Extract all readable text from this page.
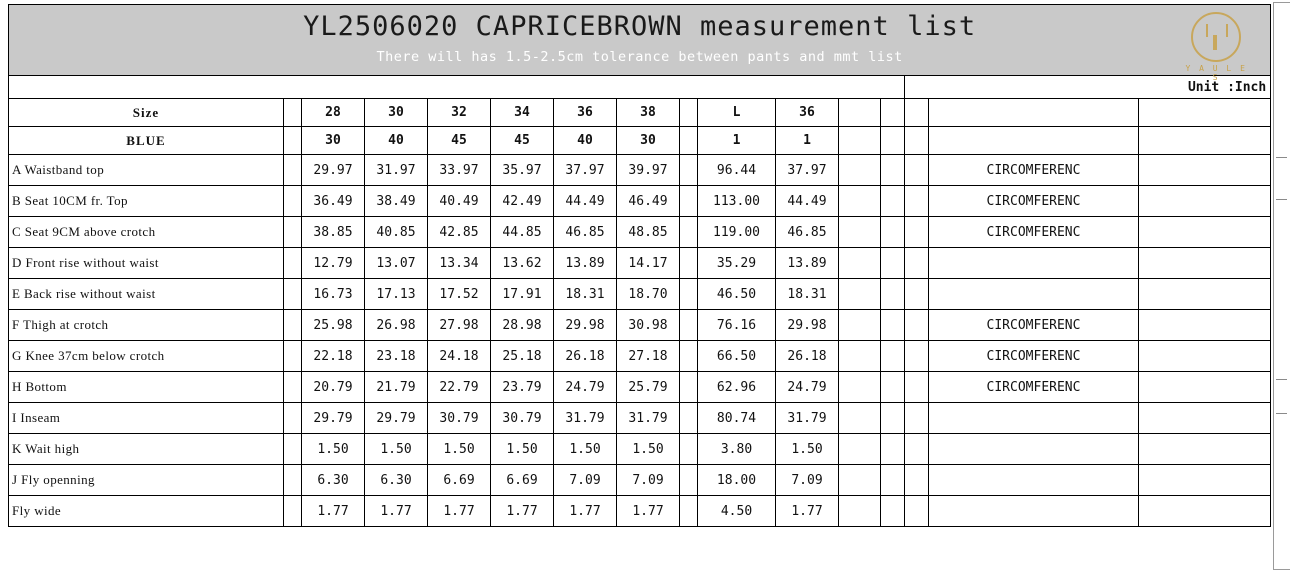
YL2506020 CAPRICEBROWN measurement list
There will has 1.5-2.5cm tolerance between pants and mmt list
Y A U L E S															

													Unit :Inch		
Size		28	30	32	34	36	38		L	36					
BLUE		30	40	45	45	40	30		1	1					
A Waistband top		29.97	31.97	33.97	35.97	37.97	39.97		96.44	37.97				CIRCOMFERENC	
B Seat 10CM fr. Top		36.49	38.49	40.49	42.49	44.49	46.49		113.00	44.49				CIRCOMFERENC	
C Seat 9CM above crotch		38.85	40.85	42.85	44.85	46.85	48.85		119.00	46.85				CIRCOMFERENC	
D Front rise without waist		12.79	13.07	13.34	13.62	13.89	14.17		35.29	13.89					
E Back rise without waist		16.73	17.13	17.52	17.91	18.31	18.70		46.50	18.31					
F Thigh at crotch		25.98	26.98	27.98	28.98	29.98	30.98		76.16	29.98				CIRCOMFERENC	
G Knee 37cm below crotch		22.18	23.18	24.18	25.18	26.18	27.18		66.50	26.18				CIRCOMFERENC	
H Bottom		20.79	21.79	22.79	23.79	24.79	25.79		62.96	24.79				CIRCOMFERENC	
I Inseam		29.79	29.79	30.79	30.79	31.79	31.79		80.74	31.79					
K Wait high		1.50	1.50	1.50	1.50	1.50	1.50		3.80	1.50					
J Fly openning		6.30	6.30	6.69	6.69	7.09	7.09		18.00	7.09					
Fly wide		1.77	1.77	1.77	1.77	1.77	1.77		4.50	1.77					
